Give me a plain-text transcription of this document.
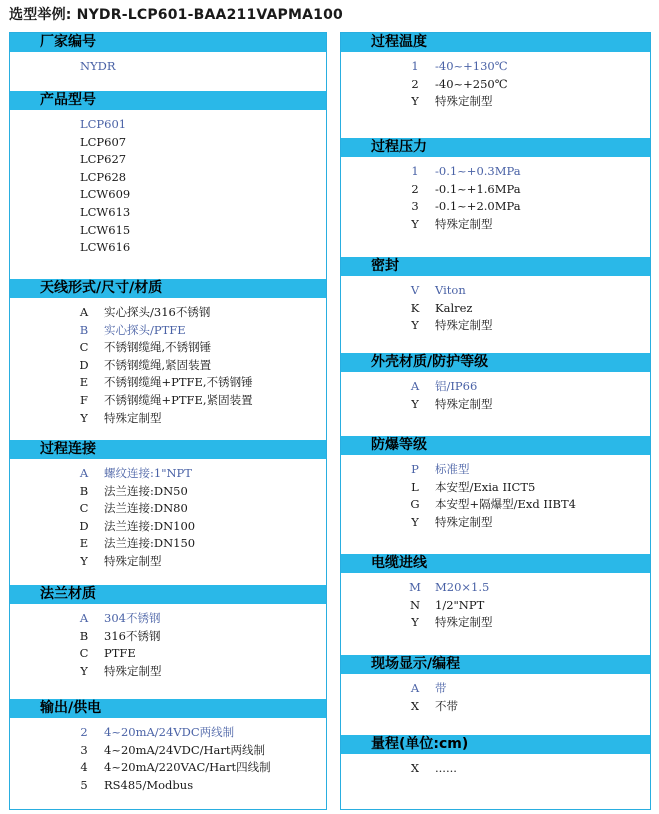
选型举例: NYDR-LCP601-BAA211VAPMA100
厂家编号
NYDR
产品型号
LCP601
LCP607
LCP627
LCP628
LCW609
LCW613
LCW615
LCW616
天线形式/尺寸/材质
A 实心探头/316不锈钢
B 实心探头/PTFE
C 不锈钢缆绳,不锈钢锤
D 不锈钢缆绳,紧固装置
E 不锈钢缆绳+PTFE,不锈钢锤
F 不锈钢缆绳+PTFE,紧固装置
Y 特殊定制型
过程连接
A 螺纹连接:1"NPT
B 法兰连接:DN50
C 法兰连接:DN80
D 法兰连接:DN100
E 法兰连接:DN150
Y 特殊定制型
法兰材质
A 304不锈钢
B 316不锈钢
C PTFE
Y 特殊定制型
输出/供电
2 4~20mA/24VDC两线制
3 4~20mA/24VDC/Hart两线制
4 4~20mA/220VAC/Hart四线制
5 RS485/Modbus
过程温度
1 -40~+130℃
2 -40~+250℃
Y 特殊定制型
过程压力
1 -0.1~+0.3MPa
2 -0.1~+1.6MPa
3 -0.1~+2.0MPa
Y 特殊定制型
密封
V Viton
K Kalrez
Y 特殊定制型
外壳材质/防护等级
A 铝/IP66
Y 特殊定制型
防爆等级
P 标准型
L 本安型/Exia IICT5
G 本安型+隔爆型/Exd IIBT4
Y 特殊定制型
电缆进线
M M20×1.5
N 1/2"NPT
Y 特殊定制型
现场显示/编程
A 带
X 不带
量程(单位:cm)
X ......
